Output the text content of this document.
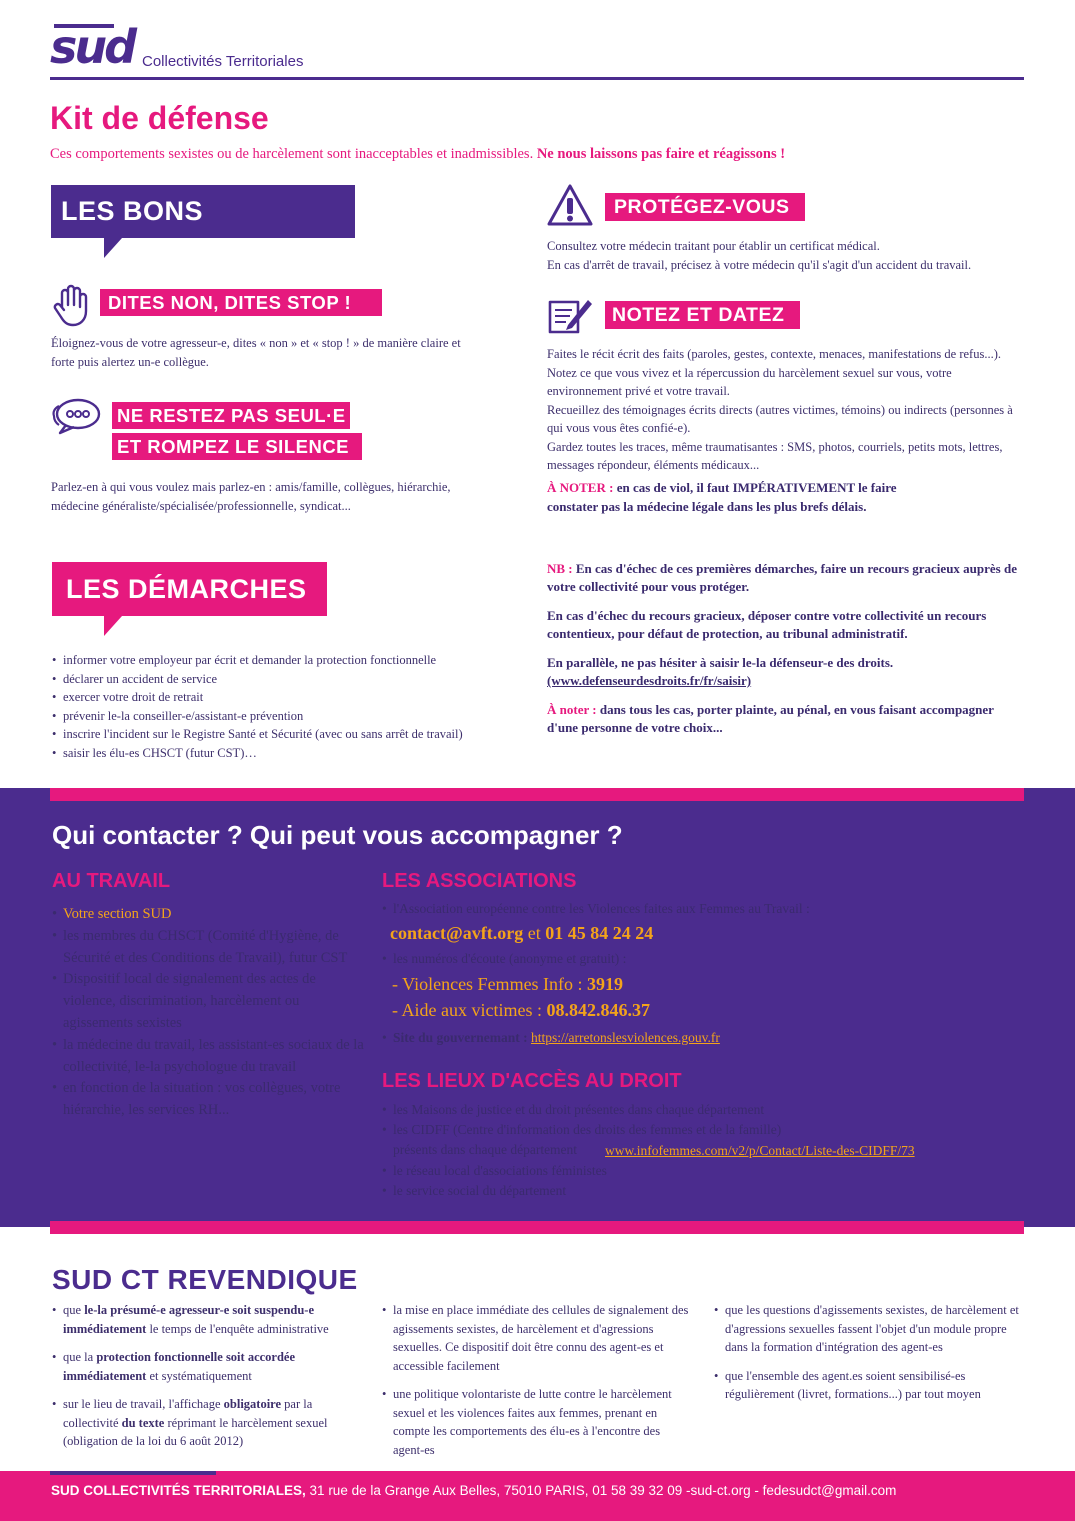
sud Collectivités Territoriales
Kit de défense
Ces comportements sexistes ou de harcèlement sont inacceptables et inadmissibles. Ne nous laissons pas faire et réagissons !
LES BONS RÉFLEXES
DITES NON, DITES STOP !
Éloignez-vous de votre agresseur-e, dites « non » et « stop ! » de manière claire et forte puis alertez un-e collègue.
NE RESTEZ PAS SEUL·E
ET ROMPEZ LE SILENCE
Parlez-en à qui vous voulez mais parlez-en : amis/famille, collègues, hiérarchie, médecine généraliste/spécialisée/professionnelle, syndicat...
PROTÉGEZ-VOUS
Consultez votre médecin traitant pour établir un certificat médical.
En cas d'arrêt de travail, précisez à votre médecin qu'il s'agit d'un accident du travail.
NOTEZ ET DATEZ
Faites le récit écrit des faits (paroles, gestes, contexte, menaces, manifestations de refus...). Notez ce que vous vivez et la répercussion du harcèlement sexuel sur vous, votre environnement privé et votre travail.
Recueillez des témoignages écrits directs (autres victimes, témoins) ou indirects (personnes à qui vous vous êtes confié-e).
Gardez toutes les traces, même traumatisantes : SMS, photos, courriels, petits mots, lettres, messages répondeur, éléments médicaux...
À NOTER : en cas de viol, il faut IMPÉRATIVEMENT le faire constater pas la médecine légale dans les plus brefs délais.
LES DÉMARCHES
• informer votre employeur par écrit et demander la protection fonctionnelle
• déclarer un accident de service
• exercer votre droit de retrait
• prévenir le-la conseiller-e/assistant-e prévention
• inscrire l'incident sur le Registre Santé et Sécurité (avec ou sans arrêt de travail)
• saisir les élu-es CHSCT (futur CST)…
NB : En cas d'échec de ces premières démarches, faire un recours gracieux auprès de votre collectivité pour vous protéger.
En cas d'échec du recours gracieux, déposer contre votre collectivité un recours contentieux, pour défaut de protection, au tribunal administratif.
En parallèle, ne pas hésiter à saisir le-la défenseur-e des droits.
(www.defenseurdesdroits.fr/fr/saisir)
À noter : dans tous les cas, porter plainte, au pénal, en vous faisant accompagner d'une personne de votre choix...
Qui contacter ? Qui peut vous accompagner ?
AU TRAVAIL
• Votre section SUD
• les membres du CHSCT (Comité d'Hygiène, de Sécurité et des Conditions de Travail), futur CST
• Dispositif local de signalement des actes de violence, discrimination, harcèlement ou agissements sexistes
• la médecine du travail, les assistant-es sociaux de la collectivité, le-la psychologue du travail
• en fonction de la situation : vos collègues, votre hiérarchie, les services RH...
LES ASSOCIATIONS
• l'Association européenne contre les Violences faites aux Femmes au Travail :
contact@avft.org et 01 45 84 24 24
• les numéros d'écoute (anonyme et gratuit) :
- Violences Femmes Info : 3919
- Aide aux victimes : 08.842.846.37
• Site du gouvernemant : https://arretonslesviolences.gouv.fr
LES LIEUX D'ACCÈS AU DROIT
• les Maisons de justice et du droit présentes dans chaque département
• les CIDFF (Centre d'information des droits des femmes et de la famille) présents dans chaque département	www.infofemmes.com/v2/p/Contact/Liste-des-CIDFF/73
• le réseau local d'associations féministes
• le service social du département
SUD CT REVENDIQUE
• que le-la présumé-e agresseur-e soit suspendu-e immédiatement le temps de l'enquête administrative
• que la protection fonctionnelle soit accordée immédiatement et systématiquement
• sur le lieu de travail, l'affichage obligatoire par la collectivité du texte réprimant le harcèlement sexuel (obligation de la loi du 6 août 2012)
• la mise en place immédiate des cellules de signalement des agissements sexistes, de harcèlement et d'agressions sexuelles. Ce dispositif doit être connu des agent-es et accessible facilement
• une politique volontariste de lutte contre le harcèlement sexuel et les violences faites aux femmes, prenant en compte les comportements des élu-es à l'encontre des agent-es
• que les questions d'agissements sexistes, de harcèlement et d'agressions sexuelles fassent l'objet d'un module propre dans la formation d'intégration des agent-es
• que l'ensemble des agent.es soient sensibilisé-es régulièrement (livret, formations...) par tout moyen
SUD COLLECTIVITÉS TERRITORIALES, 31 rue de la Grange Aux Belles, 75010 PARIS, 01 58 39 32 09 -sud-ct.org - fedesudct@gmail.com
